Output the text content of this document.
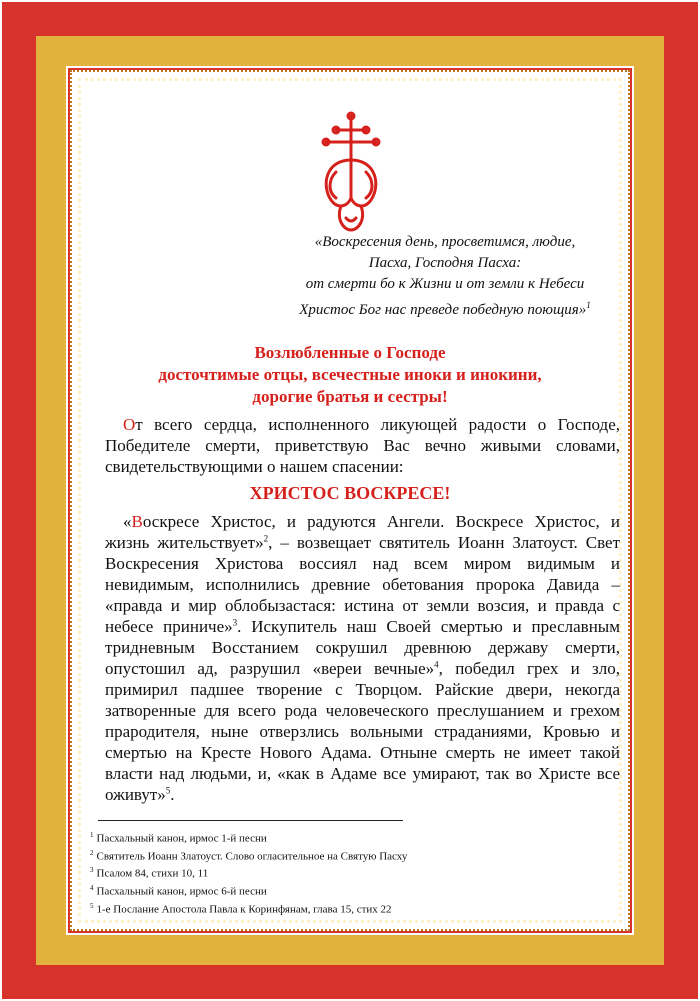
«Воскресения день, просветимся, людие,
Пасха, Господня Пасха:
от смерти бо к Жизни и от земли к Небеси
Христос Бог нас преведе победную поющия»$^1$
Возлюбленные о Господе
досточтимые отцы, всечестные иноки и инокини,
дорогие братья и сестры!
От всего сердца, исполненного ликующей радости о Господе, Победителе смерти, приветствую Вас вечно живыми словами, свидетельствующими о нашем спасении:
ХРИСТОС ВОСКРЕСЕ!
«Воскресе Христос, и радуются Ангели. Воскресе Христос, и жизнь жительствует»$^2$, – возвещает святитель Иоанн Златоуст. Свет Воскресения Христова воссиял над всем миром видимым и невидимым, исполнились древние обетования пророка Давида – «правда и мир облобызастася: истина от земли возсия, и правда с небесе приниче»$^3$. Искупитель наш Своей смертью и преславным тридневным Восстанием сокрушил древнюю державу смерти, опустошил ад, разрушил «вереи вечные»$^4$, победил грех и зло, примирил падшее творение с Творцом. Райские двери, некогда затворенные для всего рода человеческого преслушанием и грехом прародителя, ныне отверзлись вольными страданиями, Кровью и смертью на Кресте Нового Адама. Отныне смерть не имеет такой власти над людьми, и, «как в Адаме все умирают, так во Христе все оживут»$^5$.
$^1$ Пасхальный канон, ирмос 1-й песни
$^2$ Святитель Иоанн Златоуст. Слово огласительное на Святую Пасху
$^3$ Псалом 84, стихи 10, 11
$^4$ Пасхальный канон, ирмос 6-й песни
$^5$ 1-е Послание Апостола Павла к Коринфянам, глава 15, стих 22
